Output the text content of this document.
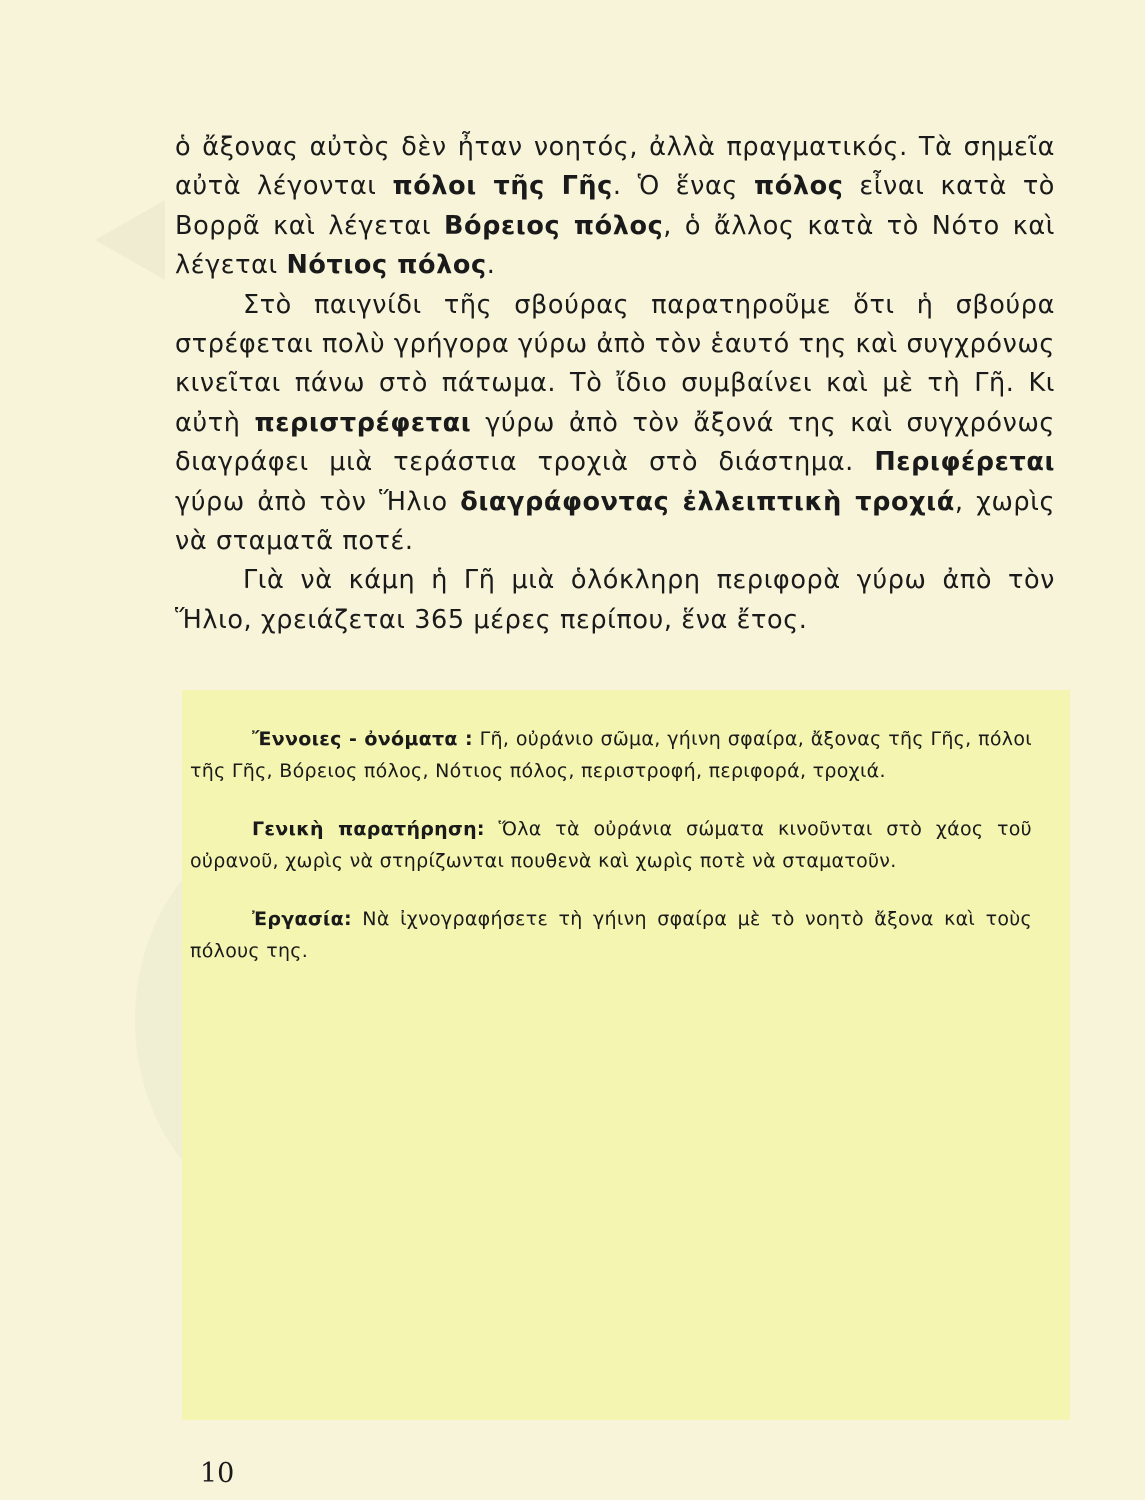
ὁ ἄξονας αὐτὸς δὲν ἦταν νοητός, ἀλλὰ πραγματικός. Τὰ σημεῖα αὐτὰ λέγονται πόλοι τῆς Γῆς. Ὁ ἕνας πόλος εἶναι κατὰ τὸ Βορρᾶ καὶ λέγεται Βόρειος πόλος, ὁ ἄλλος κατὰ τὸ Νότο καὶ λέγεται Νότιος πόλος.

Στὸ παιγνίδι τῆς σβούρας παρατηροῦμε ὅτι ἡ σβούρα στρέφεται πολὺ γρήγορα γύρω ἀπὸ τὸν ἑαυτό της καὶ συγχρόνως κινεῖται πάνω στὸ πάτωμα. Τὸ ἴδιο συμβαίνει καὶ μὲ τὴ Γῆ. Κι αὐτὴ περιστρέφεται γύρω ἀπὸ τὸν ἄξονά της καὶ συγχρόνως διαγράφει μιὰ τεράστια τροχιὰ στὸ διάστημα. Περιφέρεται γύρω ἀπὸ τὸν Ἥλιο διαγράφοντας ἐλλειπτικὴ τροχιά, χωρὶς νὰ σταματᾶ ποτέ.

Γιὰ νὰ κάμη ἡ Γῆ μιὰ ὁλόκληρη περιφορὰ γύρω ἀπὸ τὸν Ἥλιο, χρειάζεται 365 μέρες περίπου, ἕνα ἔτος.

Ἔννοιες - ὀνόματα : Γῆ, οὐράνιο σῶμα, γήινη σφαίρα, ἄξονας τῆς Γῆς, πόλοι τῆς Γῆς, Βόρειος πόλος, Νότιος πόλος, περιστροφή, περιφορά, τροχιά.

Γενικὴ παρατήρηση: Ὅλα τὰ οὐράνια σώματα κινοῦνται στὸ χάος τοῦ οὐρανοῦ, χωρὶς νὰ στηρίζωνται πουθενὰ καὶ χωρὶς ποτὲ νὰ σταματοῦν.

Ἐργασία: Νὰ ἰχνογραφήσετε τὴ γήινη σφαίρα μὲ τὸ νοητὸ ἄξονα καὶ τοὺς πόλους της.

10
